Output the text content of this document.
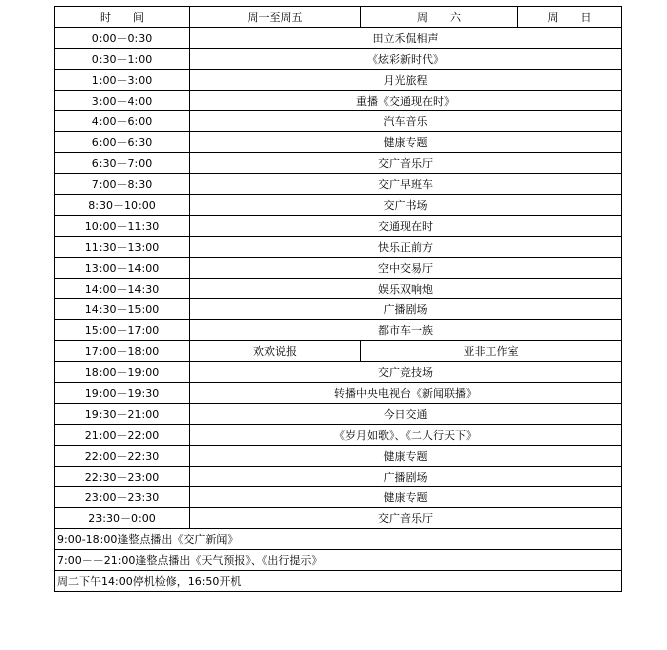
时　　间	周一至周五	周　　六	周　　日
0:00－0:30	田立禾侃相声		
0:30－1:00	《炫彩新时代》		
1:00－3:00	月光旅程		
3:00－4:00	重播《交通现在时》		
4:00－6:00	汽车音乐		
6:00－6:30	健康专题		
6:30－7:00	交广音乐厅		
7:00－8:30	交广早班车		
8:30－10:00	交广书场		
10:00－11:30	交通现在时		
11:30－13:00	快乐正前方		
13:00－14:00	空中交易厅		
14:00－14:30	娱乐双响炮		
14:30－15:00	广播剧场		
15:00－17:00	都市车一族		
17:00－18:00	欢欢说报	亚非工作室	
18:00－19:00	交广竞技场		
19:00－19:30	转播中央电视台《新闻联播》		
19:30－21:00	今日交通		
21:00－22:00	《岁月如歌》、《二人行天下》		
22:00－22:30	健康专题		
22:30－23:00	广播剧场		
23:00－23:30	健康专题		
23:30－0:00	交广音乐厅		
9:00-18:00逢整点播出《交广新闻》			
7:00－－21:00逢整点播出《天气预报》、《出行提示》			
周二下午14:00停机检修，16:50开机			
